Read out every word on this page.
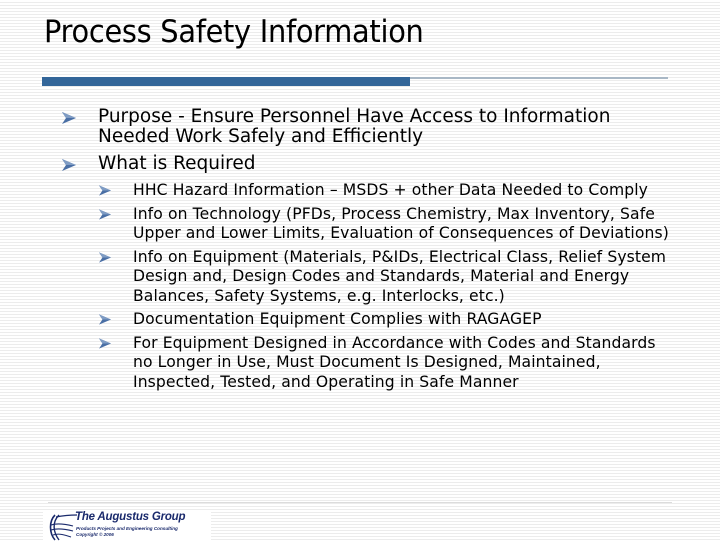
Process Safety Information
Purpose - Ensure Personnel Have Access to Information Needed Work Safely and Efficiently
What is Required
HHC Hazard Information – MSDS + other Data Needed to Comply
Info on Technology (PFDs, Process Chemistry, Max Inventory, Safe Upper and Lower Limits, Evaluation of Consequences of Deviations)
Info on Equipment (Materials, P&IDs, Electrical Class, Relief System Design and, Design Codes and Standards, Material and Energy Balances, Safety Systems, e.g. Interlocks, etc.)
Documentation Equipment Complies with RAGAGEP
For Equipment Designed in Accordance with Codes and Standards no Longer in Use, Must Document Is Designed, Maintained, Inspected, Tested, and Operating in Safe Manner
The Augustus Group
Products Projects and Engineering Consulting
Copyright © 2006
